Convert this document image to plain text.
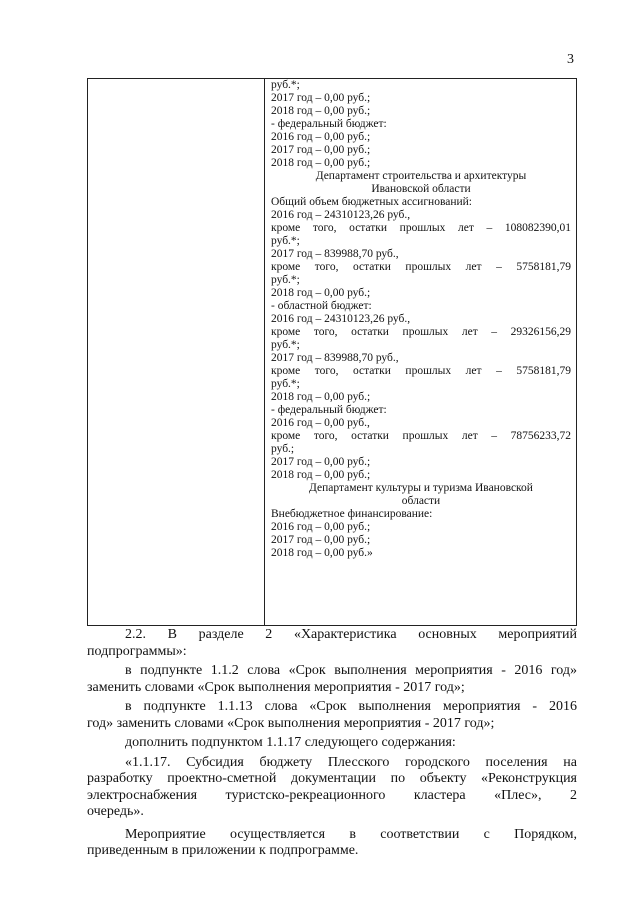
3
руб.*;
2017 год – 0,00 руб.;
2018 год – 0,00 руб.;
- федеральный бюджет:
2016 год – 0,00 руб.;
2017 год – 0,00 руб.;
2018 год – 0,00 руб.;
Департамент строительства и архитектуры
Ивановской области
Общий объем бюджетных ассигнований:
2016 год – 24310123,26 руб.,
кроме того, остатки прошлых лет – 108082390,01
руб.*;
2017 год – 839988,70 руб.,
кроме того, остатки прошлых лет – 5758181,79
руб.*;
2018 год – 0,00 руб.;
- областной бюджет:
2016 год – 24310123,26 руб.,
кроме того, остатки прошлых лет – 29326156,29
руб.*;
2017 год – 839988,70 руб.,
кроме того, остатки прошлых лет – 5758181,79
руб.*;
2018 год – 0,00 руб.;
- федеральный бюджет:
2016 год – 0,00 руб.,
кроме того, остатки прошлых лет – 78756233,72
руб.;
2017 год – 0,00 руб.;
2018 год – 0,00 руб.;
Департамент культуры и туризма Ивановской
области
Внебюджетное финансирование:
2016 год – 0,00 руб.;
2017 год – 0,00 руб.;
2018 год – 0,00 руб.»

2.2. В разделе 2 «Характеристика основных мероприятий

подпрограммы»:

в подпункте 1.1.2 слова «Срок выполнения мероприятия - 2016 год»

заменить словами «Срок выполнения мероприятия - 2017 год»;

в подпункте 1.1.13 слова «Срок выполнения мероприятия - 2016

год» заменить словами «Срок выполнения мероприятия - 2017 год»;

дополнить подпунктом 1.1.17 следующего содержания:

«1.1.17. Субсидия бюджету Плесского городского поселения на

разработку проектно-сметной документации по объекту «Реконструкция

электроснабжения туристско-рекреационного кластера «Плес», 2

очередь».

Мероприятие осуществляется в соответствии с Порядком,

приведенным в приложении к подпрограмме.
